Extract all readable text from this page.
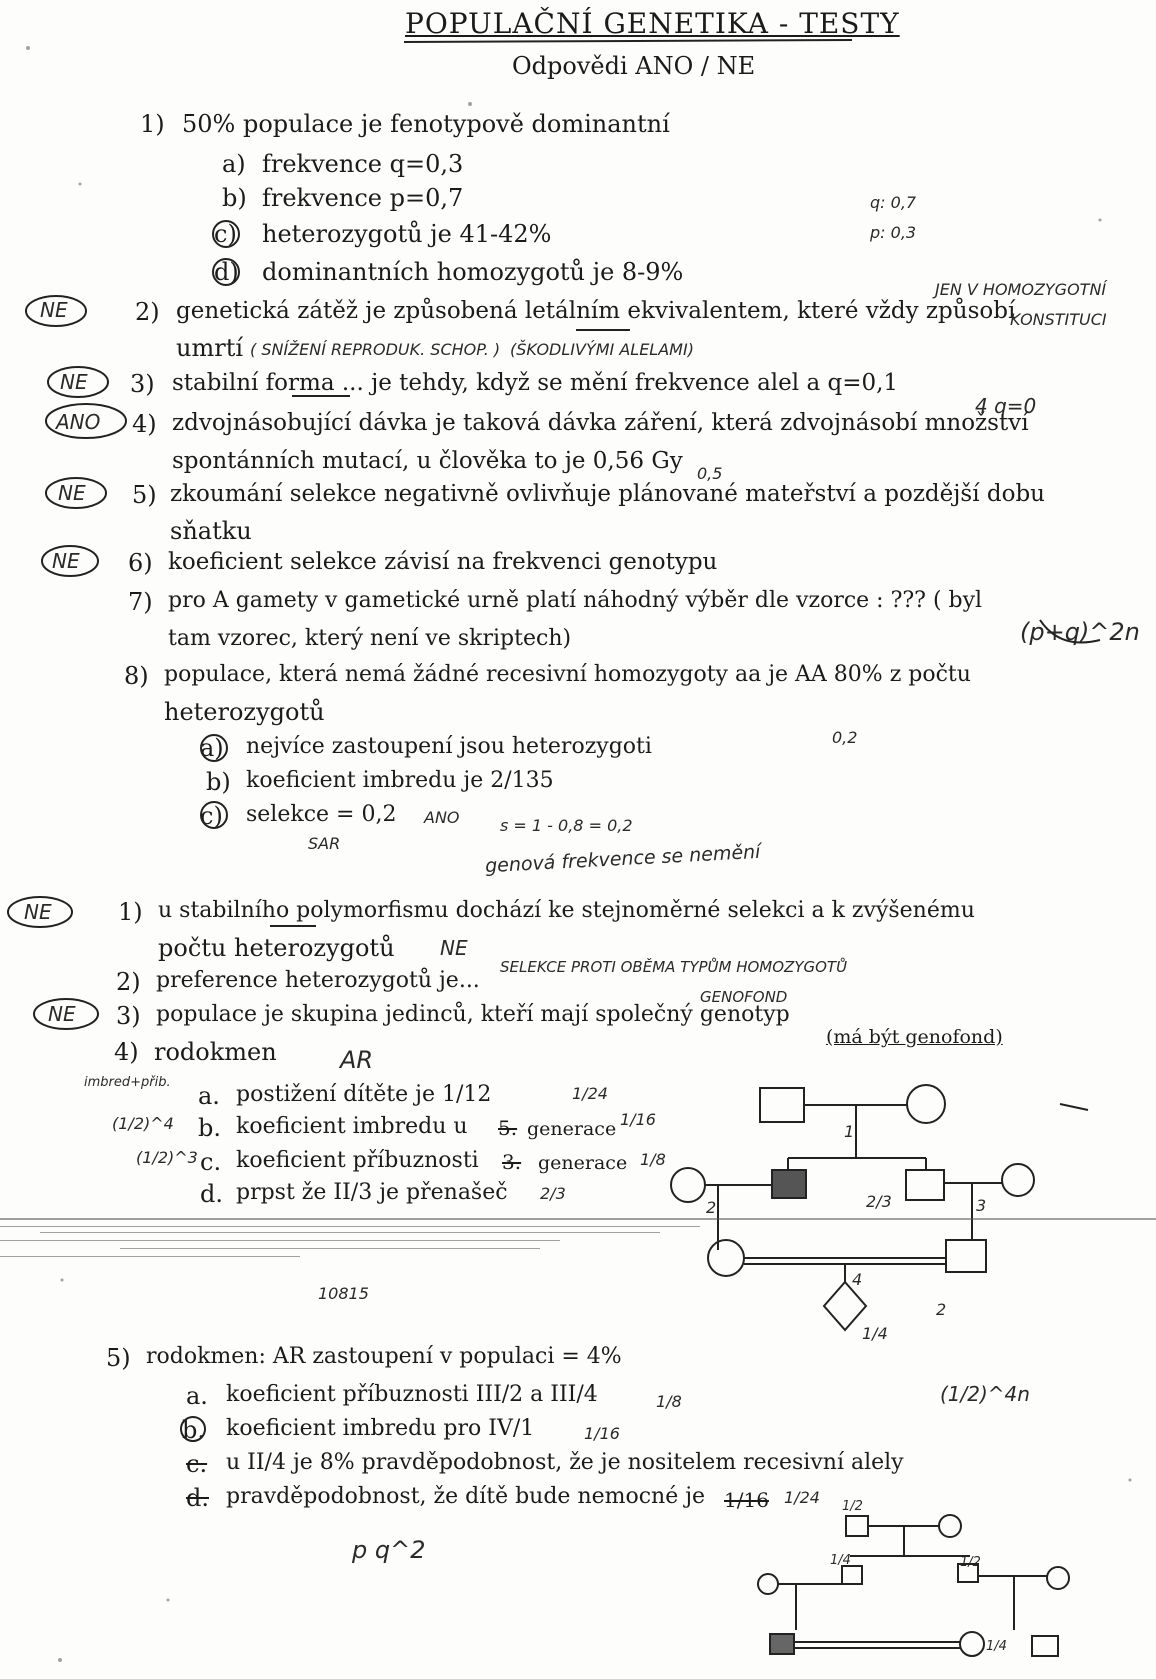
POPULAČNÍ GENETIKA - TESTY
Odpovědi ANO / NE
1) 50% populace je fenotypově dominantní
a) frekvence q=0,3
b) frekvence p=0,7
c) heterozygotů je 41-42%
d) dominantních homozygotů je 8-9%
q: 0,7
p: 0,3
NE	2) genetická zátěž je způsobená letálním ekvivalentem, které vždy způsobí
umrtí ( SNÍŽENÍ REPRODUK. SCHOP. ) (ŠKODLIVÝMI ALELAMI)
JEN V HOMOZYGOTNÍ
KONSTITUCI
NE 3) stabilní forma ... je tehdy, když se mění frekvence alel a q=0,1
4 q=0
ANO 4) zdvojnásobující dávka je taková dávka záření, která zdvojnásobí množství
spontánních mutací, u člověka to je 0,56 Gy 0,5
NE 5) zkoumání selekce negativně ovlivňuje plánované mateřství a pozdější dobu
sňatku
NE 6) koeficient selekce závisí na frekvenci genotypu
7) pro A gamety v gametické urně platí náhodný výběr dle vzorce : ??? ( byl
tam vzorec, který není ve skriptech)	(p+q)^2n
8) populace, která nemá žádné recesivní homozygoty aa je AA 80% z počtu
heterozygotů
a) nejvíce zastoupení jsou heterozygoti
b) koeficient imbredu je 2/135
c) selekce = 0,2
0,2
ANO	s = 1 - 0,8 = 0,2
SAR	genová frekvence se nemění
NE	1) u stabilního polymorfismu dochází ke stejnoměrné selekci a k zvýšenému
počtu heterozygotů NE
2) preference heterozygotů je...
SELEKCE PROTI OBĚMA TYPŮM HOMOZYGOTŮ
GENOFOND
NE 3) populace je skupina jedinců, kteří mají společný genotyp
(má být genofond)
4) rodokmen	AR
imbred+přib. a. postižení dítěte je 1/12	1/24
(1/2)^4 b. koeficient imbredu u 5. generace 1/16
(1/2)^3 c. koeficient příbuznosti 3. generace 1/8
d. prpst že II/3 je přenašeč 2/3
10815
5) rodokmen: AR zastoupení v populaci = 4%
a. koeficient příbuznosti III/2 a III/4	1/8
b. koeficient imbredu pro IV/1	1/16
c. u II/4 je 8% pravděpodobnost, že je nositelem recesivní alely
d. pravděpodobnost, že dítě bude nemocné je 1/16 1/24
(1/2)^4n
p q^2
1
2	3
4
2
2/3
1/4
1/2
1/4	1/2
1/4
